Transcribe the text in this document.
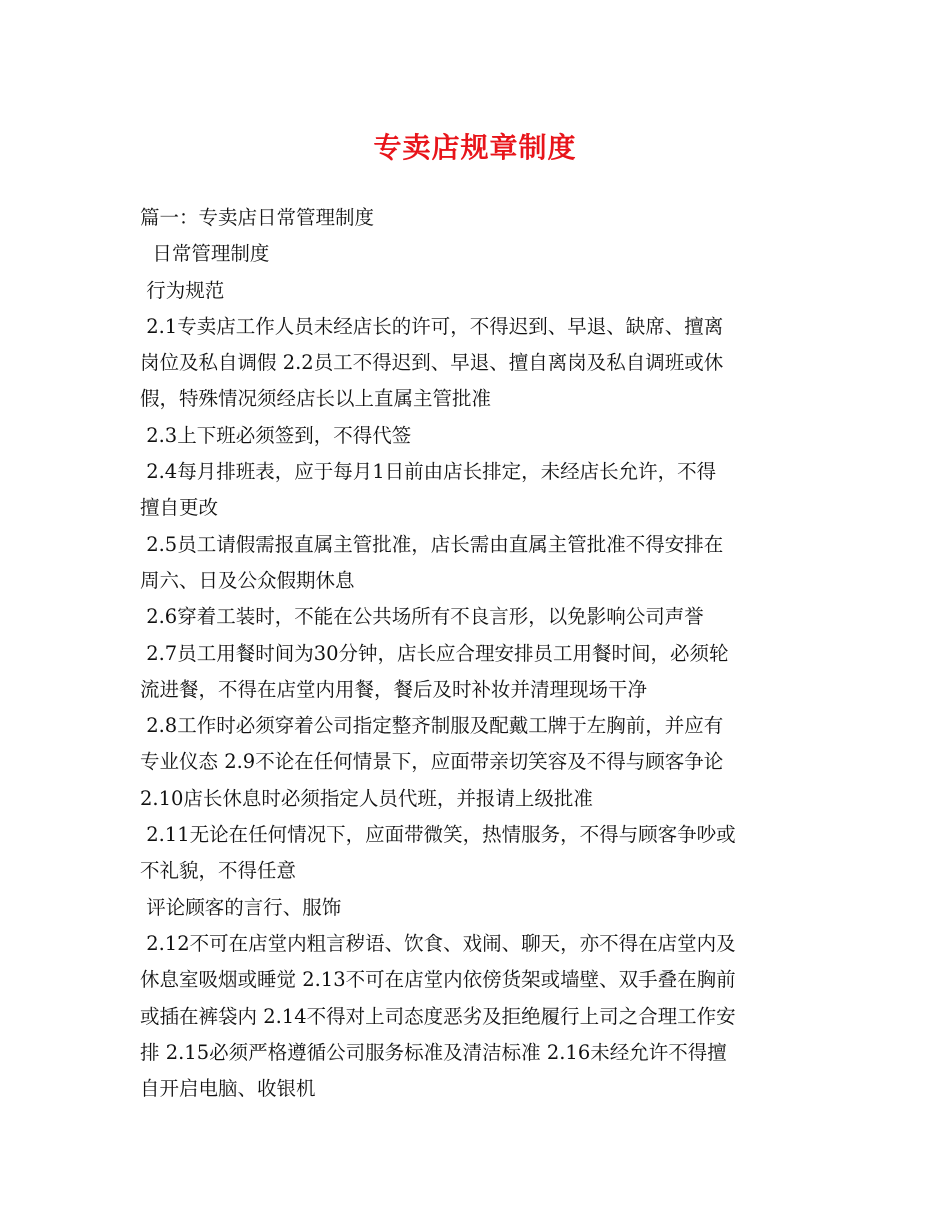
专卖店规章制度
篇一：专卖店日常管理制度
日常管理制度
行为规范
2.1专卖店工作人员未经店长的许可，不得迟到、早退、缺席、擅离
岗位及私自调假 2.2员工不得迟到、早退、擅自离岗及私自调班或休
假，特殊情况须经店长以上直属主管批准
2.3上下班必须签到，不得代签
2.4每月排班表，应于每月1日前由店长排定，未经店长允许，不得
擅自更改
2.5员工请假需报直属主管批准，店长需由直属主管批准不得安排在
周六、日及公众假期休息
2.6穿着工装时，不能在公共场所有不良言形，以免影响公司声誉
2.7员工用餐时间为30分钟，店长应合理安排员工用餐时间，必须轮
流进餐，不得在店堂内用餐，餐后及时补妆并清理现场干净
2.8工作时必须穿着公司指定整齐制服及配戴工牌于左胸前，并应有
专业仪态 2.9不论在任何情景下，应面带亲切笑容及不得与顾客争论
2.10店长休息时必须指定人员代班，并报请上级批准
2.11无论在任何情况下，应面带微笑，热情服务，不得与顾客争吵或
不礼貌，不得任意
评论顾客的言行、服饰
2.12不可在店堂内粗言秽语、饮食、戏闹、聊天，亦不得在店堂内及
休息室吸烟或睡觉 2.13不可在店堂内依傍货架或墙壁、双手叠在胸前
或插在裤袋内 2.14不得对上司态度恶劣及拒绝履行上司之合理工作安
排 2.15必须严格遵循公司服务标准及清洁标准 2.16未经允许不得擅
自开启电脑、收银机
